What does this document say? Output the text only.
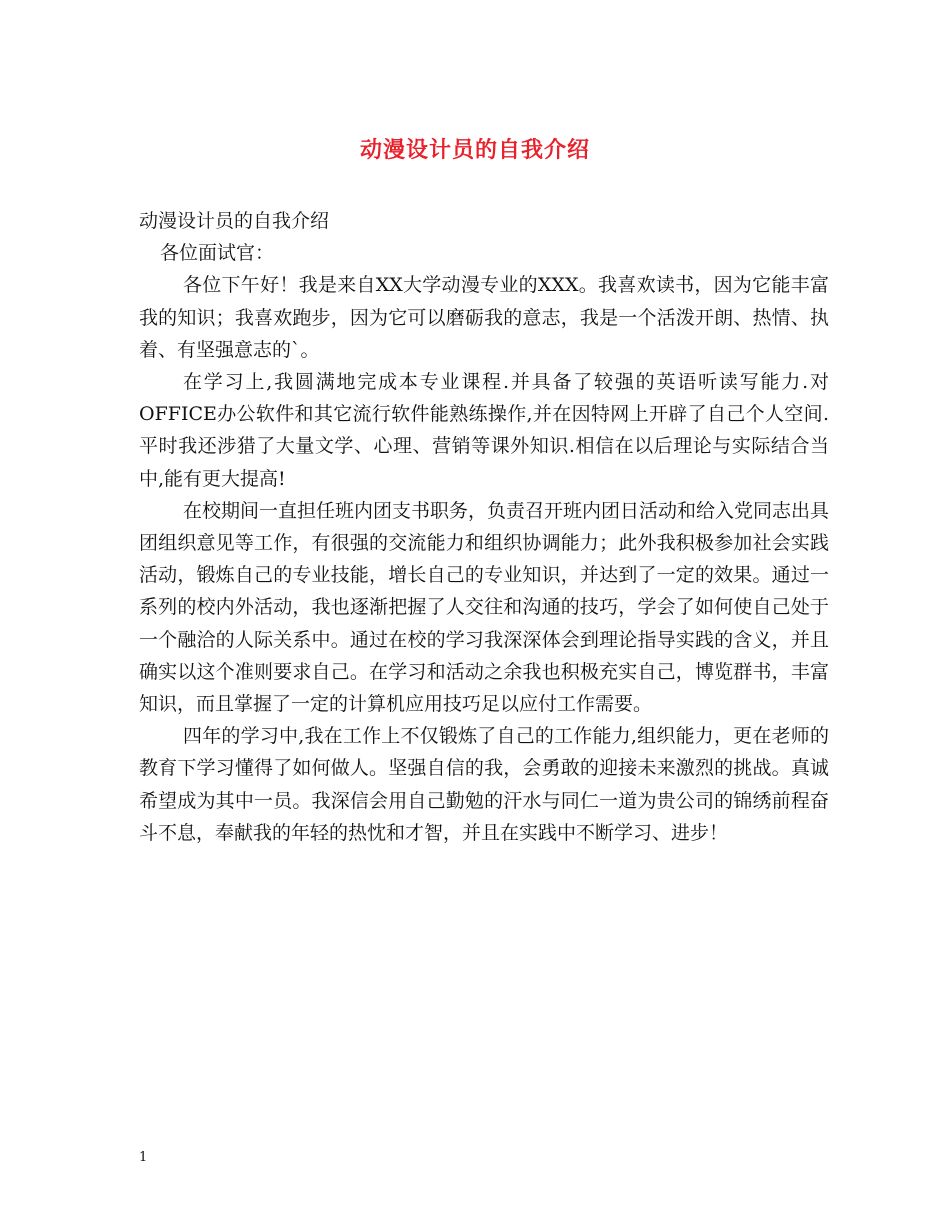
动漫设计员的自我介绍

动漫设计员的自我介绍

各位面试官：

各位下午好！我是来自XX大学动漫专业的XXX。我喜欢读书，因为它能丰富我的知识；我喜欢跑步，因为它可以磨砺我的意志，我是一个活泼开朗、热情、执着、有坚强意志的`。

在学习上,我圆满地完成本专业课程.并具备了较强的英语听读写能力.对OFFICE办公软件和其它流行软件能熟练操作,并在因特网上开辟了自己个人空间.平时我还涉猎了大量文学、心理、营销等课外知识.相信在以后理论与实际结合当中,能有更大提高!

在校期间一直担任班内团支书职务，负责召开班内团日活动和给入党同志出具团组织意见等工作，有很强的交流能力和组织协调能力；此外我积极参加社会实践活动，锻炼自己的专业技能，增长自己的专业知识，并达到了一定的效果。通过一系列的校内外活动，我也逐渐把握了人交往和沟通的技巧，学会了如何使自己处于一个融洽的人际关系中。通过在校的学习我深深体会到理论指导实践的含义，并且确实以这个准则要求自己。在学习和活动之余我也积极充实自己，博览群书，丰富知识，而且掌握了一定的计算机应用技巧足以应付工作需要。

四年的学习中,我在工作上不仅锻炼了自己的工作能力,组织能力，更在老师的教育下学习懂得了如何做人。坚强自信的我，会勇敢的迎接未来激烈的挑战。真诚希望成为其中一员。我深信会用自己勤勉的汗水与同仁一道为贵公司的锦绣前程奋斗不息，奉献我的年轻的热忱和才智，并且在实践中不断学习、进步！

1
